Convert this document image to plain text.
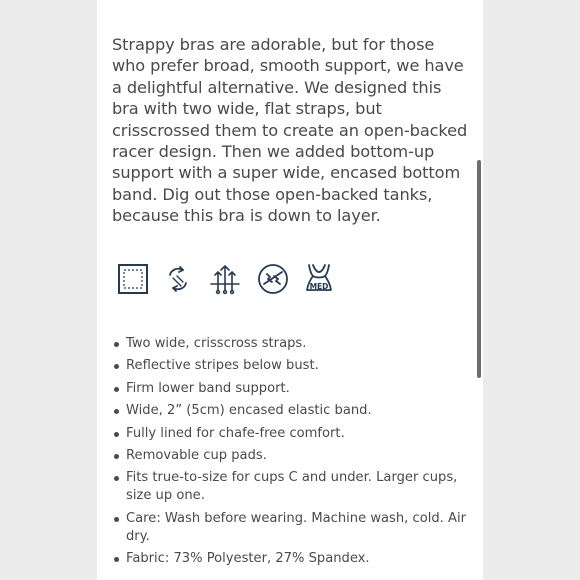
Strappy bras are adorable, but for those who prefer broad, smooth support, we have a delightful alternative. We designed this bra with two wide, flat straps, but crisscrossed them to create an open-backed racer design. Then we added bottom-up support with a super wide, encased bottom band. Dig out those open-backed tanks, because this bra is down to layer.

MED
Two wide, crisscross straps.
Reflective stripes below bust.
Firm lower band support.
Wide, 2” (5cm) encased elastic band.
Fully lined for chafe-free comfort.
Removable cup pads.
Fits true-to-size for cups C and under. Larger cups, size up one.
Care: Wash before wearing. Machine wash, cold. Air dry.
Fabric: 73% Polyester, 27% Spandex.
